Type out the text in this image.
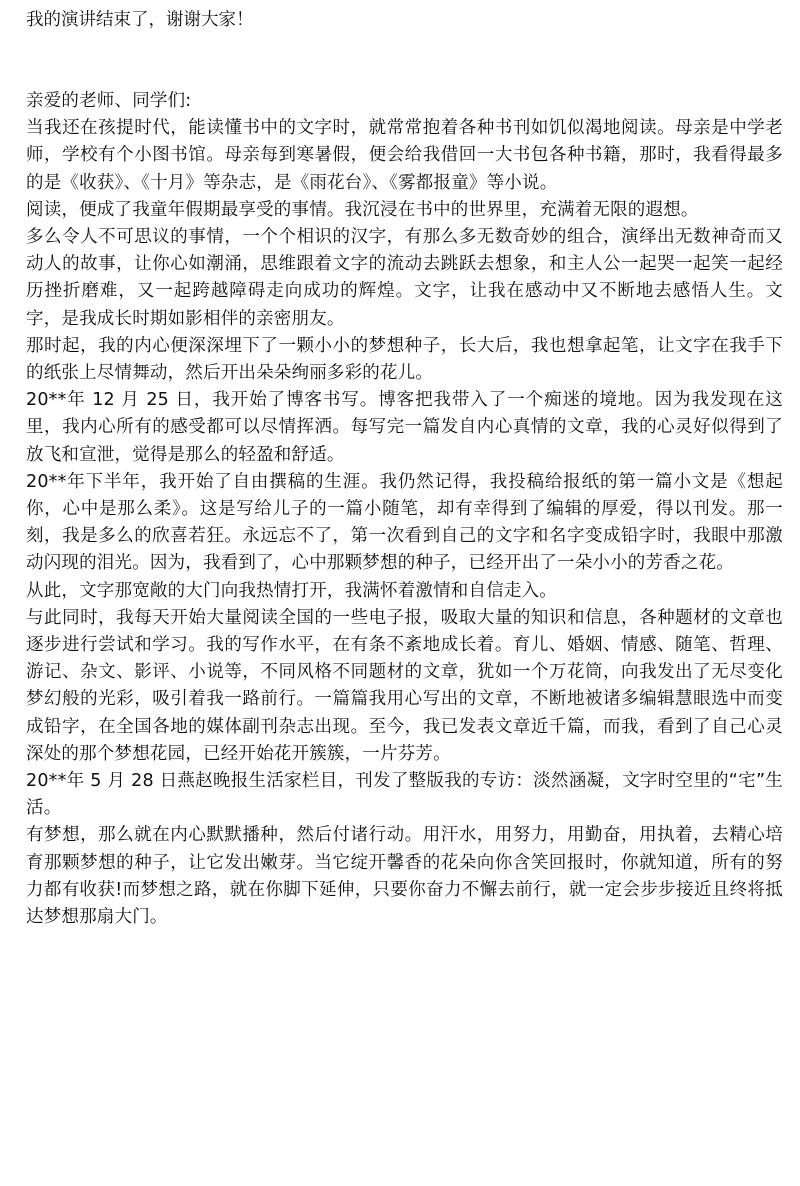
我的演讲结束了，谢谢大家！

亲爱的老师、同学们:

当我还在孩提时代，能读懂书中的文字时，就常常抱着各种书刊如饥似渴地阅读。母亲是中学老师，学校有个小图书馆。母亲每到寒暑假，便会给我借回一大书包各种书籍，那时，我看得最多的是《收获》、《十月》等杂志，是《雨花台》、《雾都报童》等小说。

阅读，便成了我童年假期最享受的事情。我沉浸在书中的世界里，充满着无限的遐想。

多么令人不可思议的事情，一个个相识的汉字，有那么多无数奇妙的组合，演绎出无数神奇而又动人的故事，让你心如潮涌，思维跟着文字的流动去跳跃去想象，和主人公一起哭一起笑一起经历挫折磨难，又一起跨越障碍走向成功的辉煌。文字，让我在感动中又不断地去感悟人生。文字，是我成长时期如影相伴的亲密朋友。

那时起，我的内心便深深埋下了一颗小小的梦想种子，长大后，我也想拿起笔，让文字在我手下的纸张上尽情舞动，然后开出朵朵绚丽多彩的花儿。

20**年 12 月 25 日，我开始了博客书写。博客把我带入了一个痴迷的境地。因为我发现在这里，我内心所有的感受都可以尽情挥洒。每写完一篇发自内心真情的文章，我的心灵好似得到了放飞和宣泄，觉得是那么的轻盈和舒适。

20**年下半年，我开始了自由撰稿的生涯。我仍然记得，我投稿给报纸的第一篇小文是《想起你，心中是那么柔》。这是写给儿子的一篇小随笔，却有幸得到了编辑的厚爱，得以刊发。那一刻，我是多么的欣喜若狂。永远忘不了，第一次看到自己的文字和名字变成铅字时，我眼中那激动闪现的泪光。因为，我看到了，心中那颗梦想的种子，已经开出了一朵小小的芳香之花。

从此，文字那宽敞的大门向我热情打开，我满怀着激情和自信走入。

与此同时，我每天开始大量阅读全国的一些电子报，吸取大量的知识和信息，各种题材的文章也逐步进行尝试和学习。我的写作水平，在有条不紊地成长着。育儿、婚姻、情感、随笔、哲理、游记、杂文、影评、小说等，不同风格不同题材的文章，犹如一个万花筒，向我发出了无尽变化梦幻般的光彩，吸引着我一路前行。一篇篇我用心写出的文章，不断地被诸多编辑慧眼选中而变成铅字，在全国各地的媒体副刊杂志出现。至今，我已发表文章近千篇，而我，看到了自己心灵深处的那个梦想花园，已经开始花开簇簇，一片芬芳。

20**年 5 月 28 日燕赵晚报生活家栏目，刊发了整版我的专访：淡然涵凝，文字时空里的“宅”生活。

有梦想，那么就在内心默默播种，然后付诸行动。用汗水，用努力，用勤奋，用执着，去精心培育那颗梦想的种子，让它发出嫩芽。当它绽开馨香的花朵向你含笑回报时，你就知道，所有的努力都有收获!而梦想之路，就在你脚下延伸，只要你奋力不懈去前行，就一定会步步接近且终将抵达梦想那扇大门。
